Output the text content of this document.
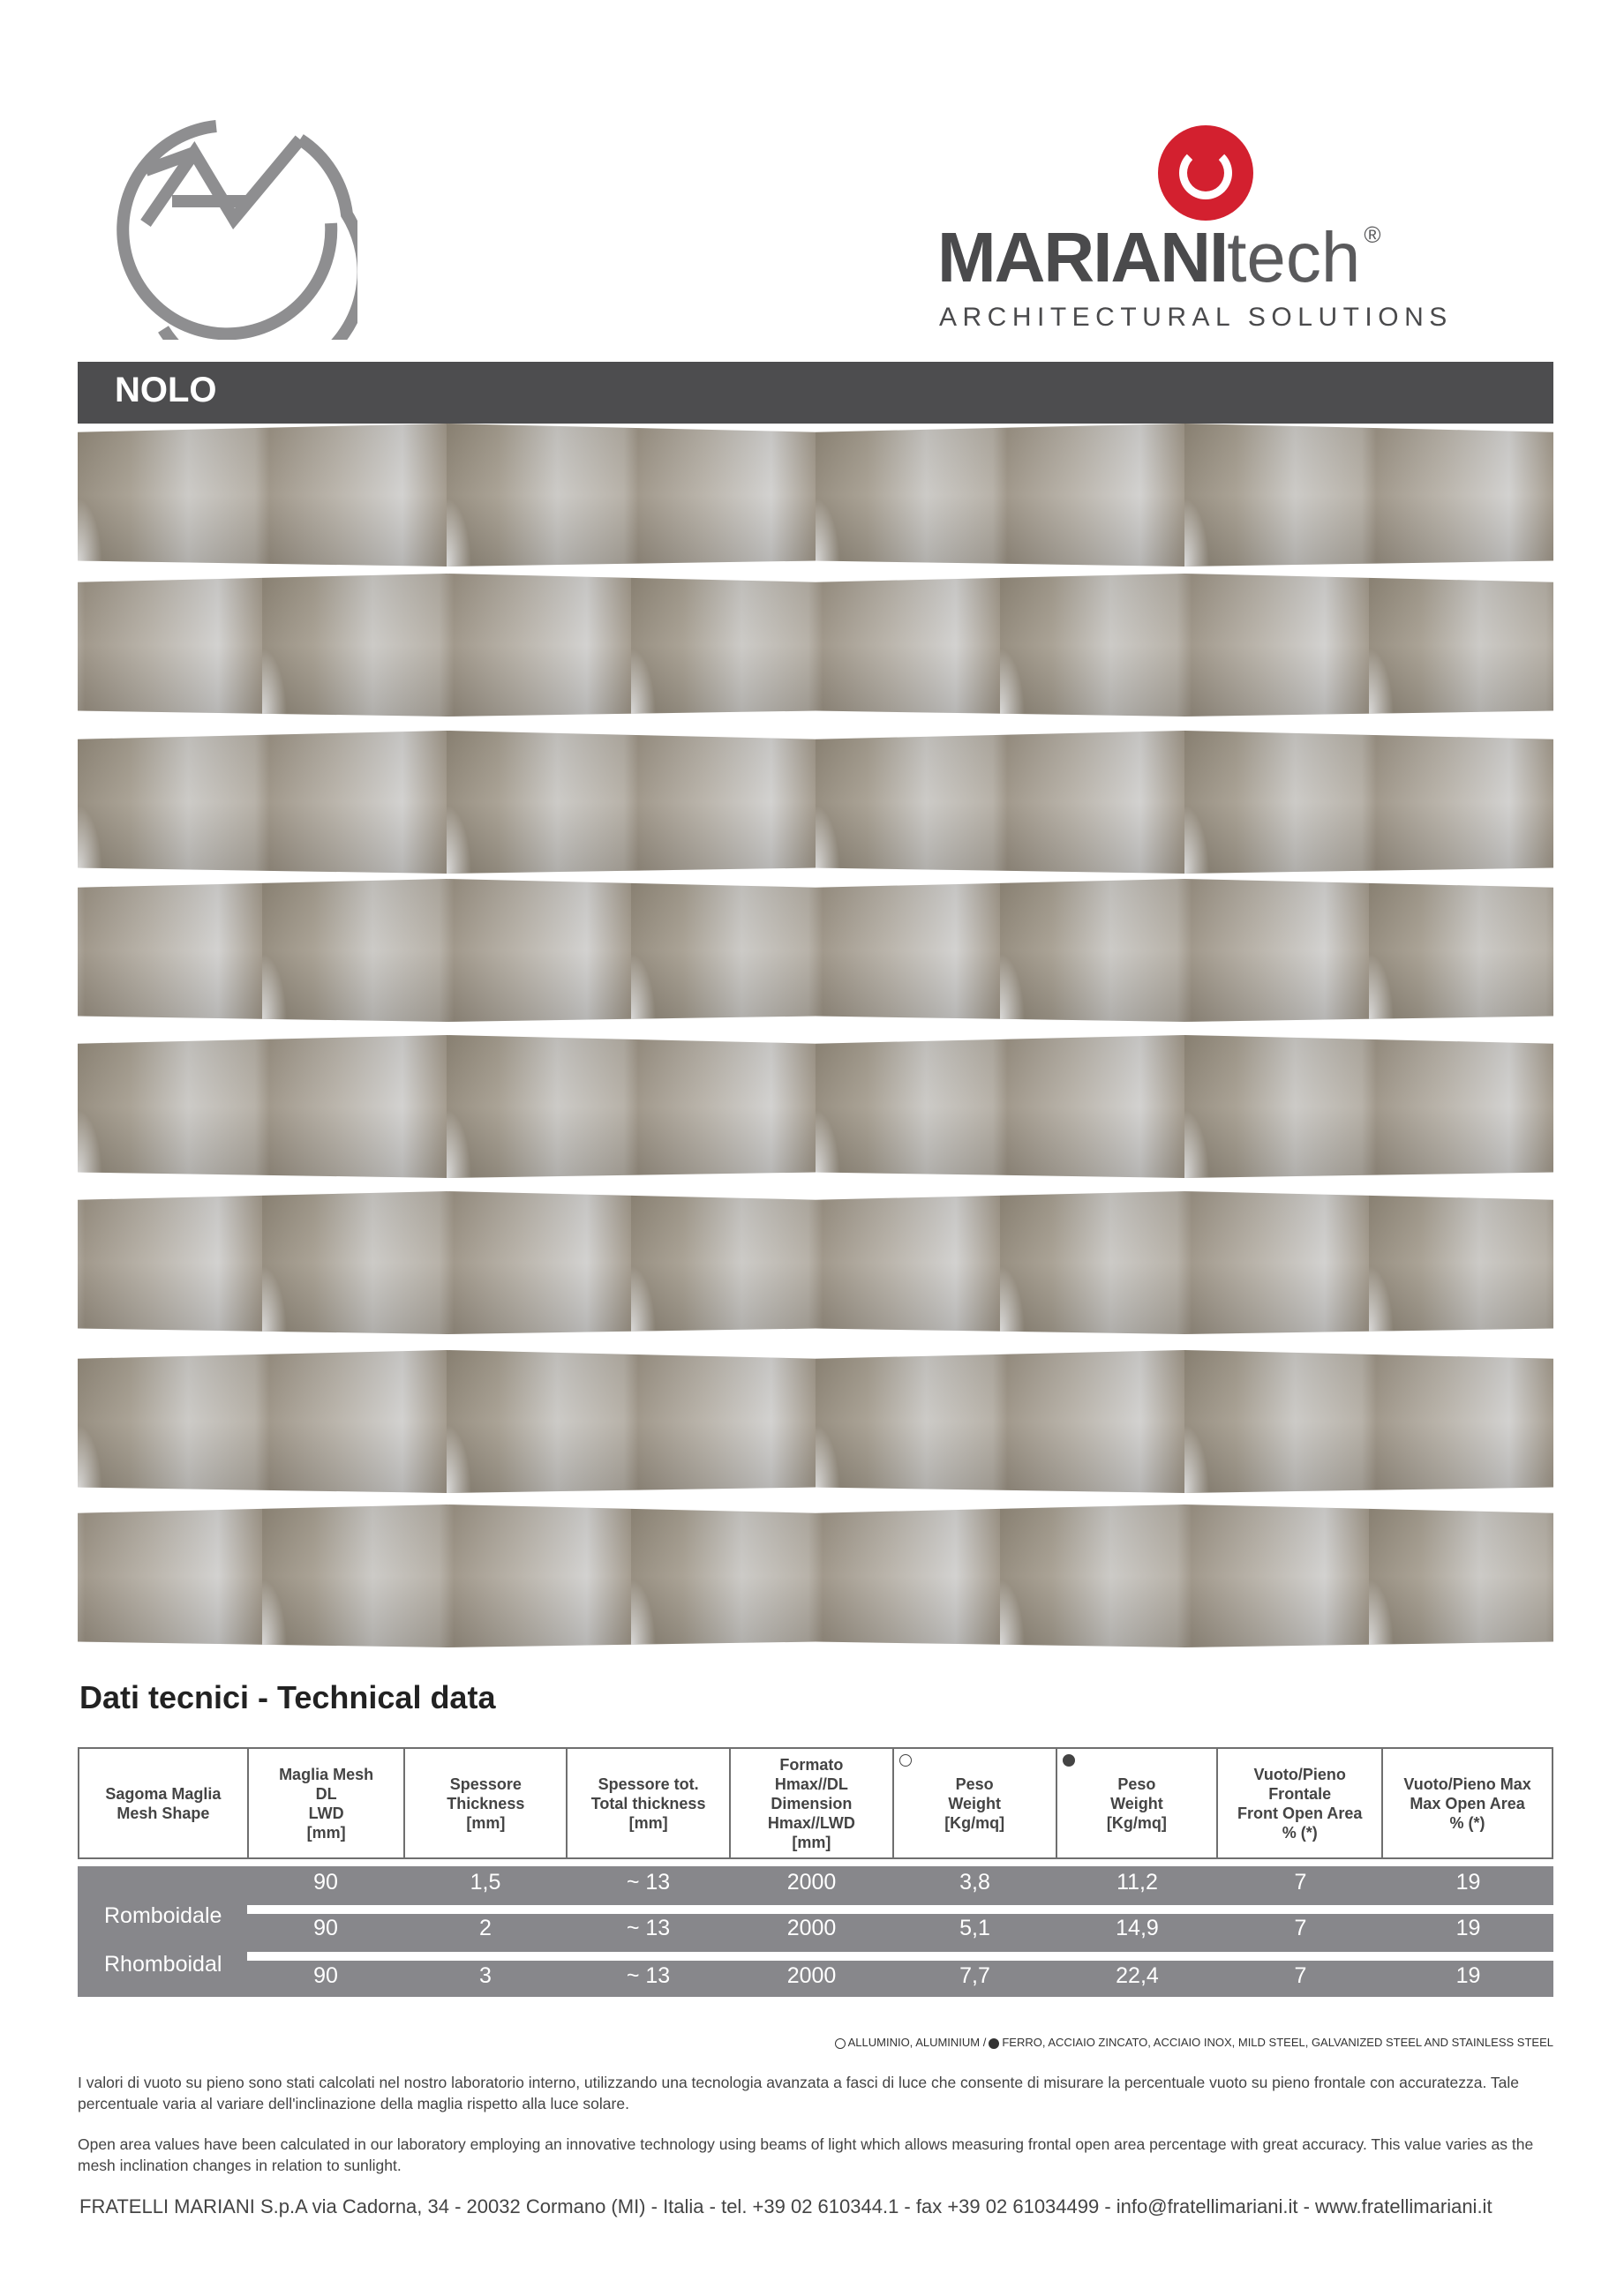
MARIANItech ®
ARCHITECTURAL SOLUTIONS
NOLO
Dati tecnici - Technical data
Sagoma Maglia
Mesh Shape

Maglia Mesh
DL
LWD
[mm]

Spessore
Thickness
[mm]

Spessore tot.
Total thickness
[mm]

Formato
Hmax//DL
Dimension
Hmax//LWD
[mm]

Peso
Weight
[Kg/mq]

Peso
Weight
[Kg/mq]

Vuoto/Pieno
Frontale
Front Open Area
% (*)

Vuoto/Pieno Max
Max Open Area
% (*)
Romboidale
Rhomboidal
90	1,5	~ 13	2000	3,8	11,2	7	19
90	2	~ 13	2000	5,1	14,9	7	19
90	3	~ 13	2000	7,7	22,4	7	19
ALLUMINIO, ALUMINIUM / FERRO, ACCIAIO ZINCATO, ACCIAIO INOX, MILD STEEL, GALVANIZED STEEL AND STAINLESS STEEL
I valori di vuoto su pieno sono stati calcolati nel nostro laboratorio interno, utilizzando una tecnologia avanzata a fasci di luce che consente di misurare la percentuale vuoto su pieno frontale con accuratezza. Tale percentuale varia al variare dell'inclinazione della maglia rispetto alla luce solare.
Open area values have been calculated in our laboratory employing an innovative technology using beams of light which allows measuring frontal open area percentage with great accuracy. This value varies as the mesh inclination changes in relation to sunlight.
FRATELLI MARIANI S.p.A via Cadorna, 34 - 20032 Cormano (MI) - Italia - tel. +39 02 610344.1 - fax +39 02 61034499 - info@fratellimariani.it - www.fratellimariani.it
